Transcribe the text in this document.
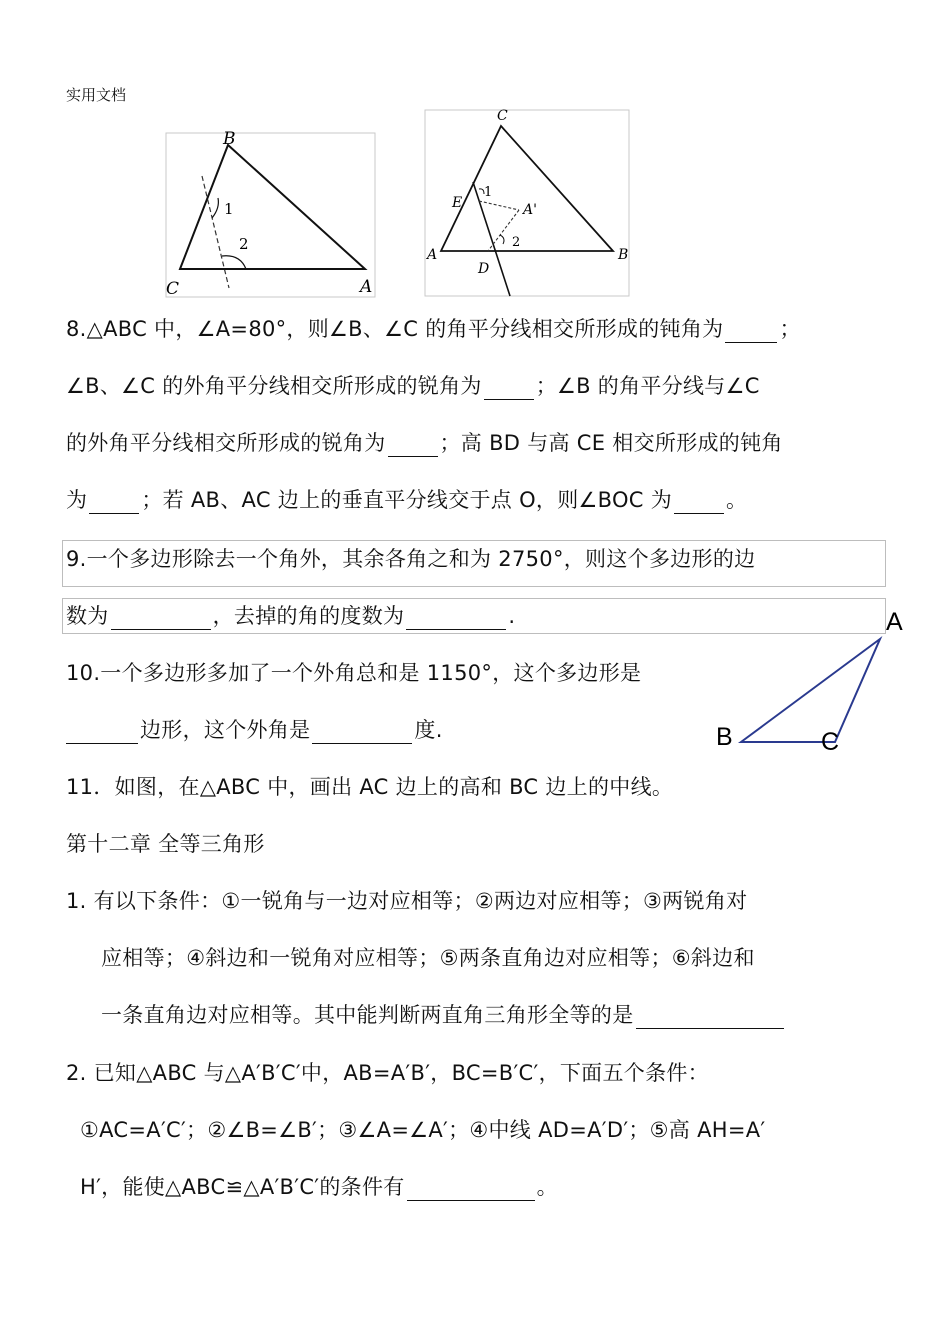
实用文档
B
C	A
1
2
C
E	A'
A
D
B
1
2
A
B	C
8.△ABC 中，∠A=80°，则∠B、∠C 的角平分线相交所形成的钝角为	；
∠B、∠C 的外角平分线相交所形成的锐角为	；∠B 的角平分线与∠C
的外角平分线相交所形成的锐角为	；高 BD 与高 CE 相交所形成的钝角
为	；若 AB、AC 边上的垂直平分线交于点 O，则∠BOC 为	。
9.一个多边形除去一个角外，其余各角之和为 2750°，则这个多边形的边
数为	，去掉的角的度数为	.
10.一个多边形多加了一个外角总和是 1150°，这个多边形是
边形，这个外角是	度.
11．如图，在△ABC 中，画出 AC 边上的高和 BC 边上的中线。
第十二章 全等三角形
1. 有以下条件：①一锐角与一边对应相等；②两边对应相等；③两锐角对
应相等；④斜边和一锐角对应相等；⑤两条直角边对应相等；⑥斜边和
一条直角边对应相等。其中能判断两直角三角形全等的是
2. 已知△ABC 与△A′B′C′中，AB=A′B′，BC=B′C′，下面五个条件：
①AC=A′C′；②∠B=∠B′；③∠A=∠A′；④中线 AD=A′D′；⑤高 AH=A′
H′，能使△ABC≌△A′B′C′的条件有	。
